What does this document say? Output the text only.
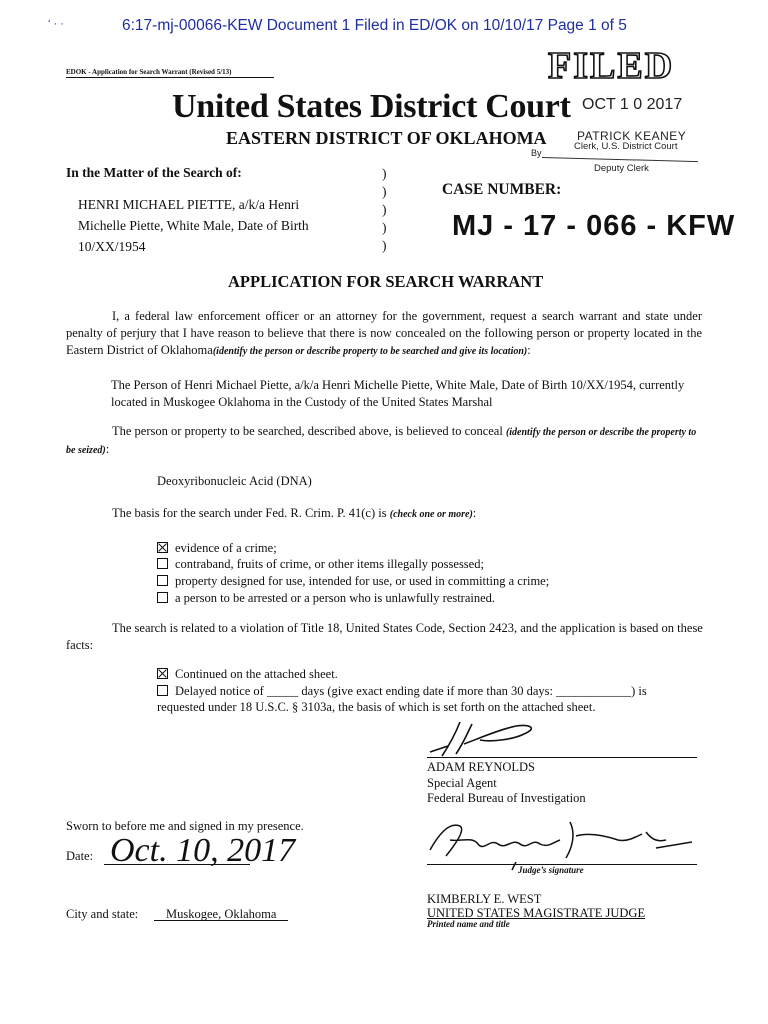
‘ · ·	6:17-mj-00066-KEW Document 1 Filed in ED/OK on 10/10/17 Page 1 of 5
EDOK - Application for Search Warrant (Revised 5/13)	FILED
United States District Court
EASTERN DISTRICT OF OKLAHOMA
OCT 1 0 2017
PATRICK KEANEY
Clerk, U.S. District Court
By
Deputy Clerk
In the Matter of the Search of:
HENRI MICHAEL PIETTE, a/k/a Henri
Michelle Piette, White Male, Date of Birth
10/XX/1954
)
)
)
)
)
CASE NUMBER:
MJ - 17 - 066 - KFW
APPLICATION FOR SEARCH WARRANT
I, a federal law enforcement officer or an attorney for the government, request a search warrant and state under penalty of perjury that I have reason to believe that there is now concealed on the following person or property located in the Eastern District of Oklahoma(identify the person or describe property to be searched and give its location):
The Person of Henri Michael Piette, a/k/a Henri Michelle Piette, White Male, Date of Birth 10/XX/1954, currently located in Muskogee Oklahoma in the Custody of the United States Marshal
The person or property to be searched, described above, is believed to conceal (identify the person or describe the property to be seized):
Deoxyribonucleic Acid (DNA)
The basis for the search under Fed. R. Crim. P. 41(c) is (check one or more):
evidence of a crime;
contraband, fruits of crime, or other items illegally possessed;
property designed for use, intended for use, or used in committing a crime;
a person to be arrested or a person who is unlawfully restrained.
The search is related to a violation of Title 18, United States Code, Section 2423, and the application is based on these facts:
Continued on the attached sheet.
Delayed notice of _____ days (give exact ending date if more than 30 days: ____________) is
requested under 18 U.S.C. § 3103a, the basis of which is set forth on the attached sheet.
ADAM REYNOLDS
Special Agent
Federal Bureau of Investigation
Sworn to before me and signed in my presence.
Date: Oct. 10, 2017
Judge’s signature
KIMBERLY E. WEST
UNITED STATES MAGISTRATE JUDGE
Printed name and title
City and state: Muskogee, Oklahoma
